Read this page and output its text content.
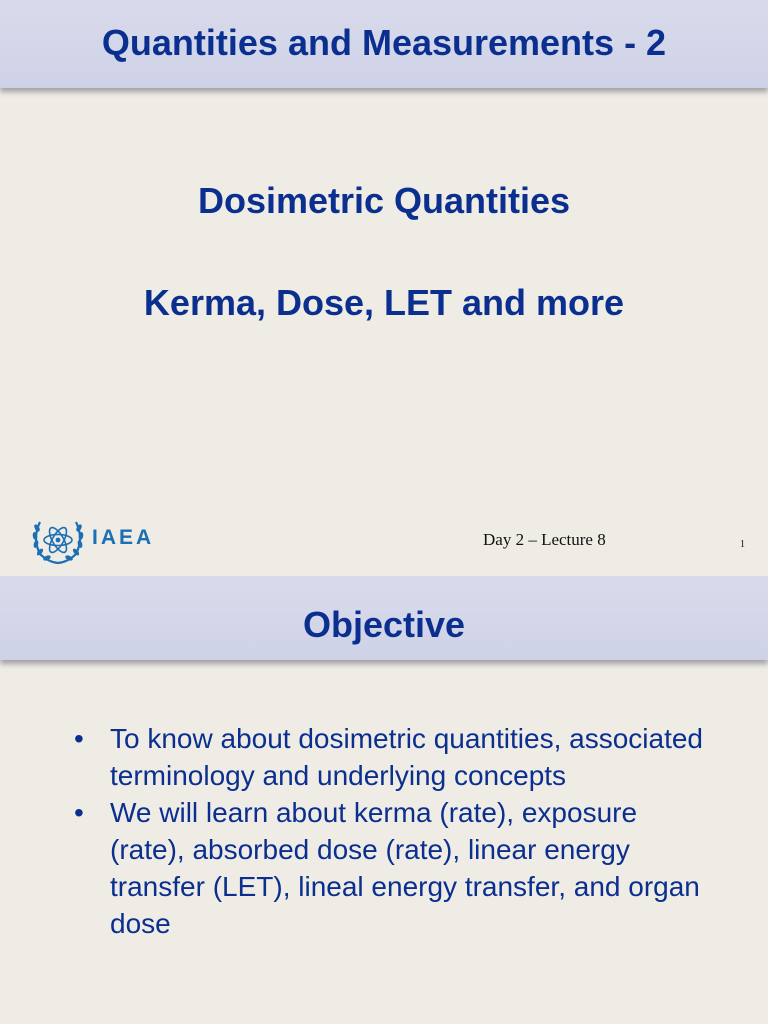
Quantities and Measurements - 2
Dosimetric Quantities
Kerma, Dose, LET and more
IAEA	Day 2 – Lecture 8	1
Objective
• To know about dosimetric quantities, associated terminology and underlying concepts
• We will learn about kerma (rate), exposure (rate), absorbed dose (rate), linear energy transfer (LET), lineal energy transfer, and organ dose
